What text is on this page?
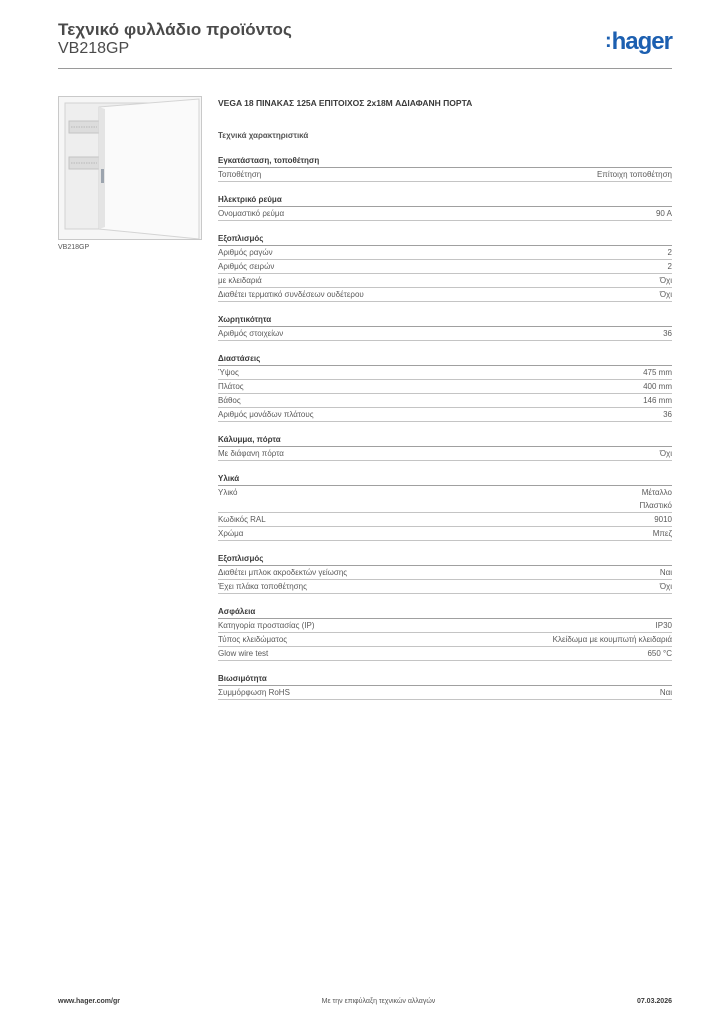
Τεχνικό φυλλάδιο προϊόντος
VB218GP	:hager
VB218GP
VEGA 18 ΠΙΝΑΚΑΣ 125A ΕΠΙΤΟΙΧΟΣ 2x18M ΑΔΙΑΦΑΝΗ ΠΟΡΤΑ
Τεχνικά χαρακτηριστικά
Εγκατάσταση, τοποθέτηση
Τοποθέτηση	Επίτοιχη τοποθέτηση
Ηλεκτρικό ρεύμα
Ονομαστικό ρεύμα	90 A
Εξοπλισμός
Αριθμός ραγών	2
Αριθμός σειρών	2
με κλειδαριά	Όχι
Διαθέτει τερματικό συνδέσεων ουδέτερου	Όχι
Χωρητικότητα
Αριθμός στοιχείων	36
Διαστάσεις
Ύψος	475 mm
Πλάτος	400 mm
Βάθος	146 mm
Αριθμός μονάδων πλάτους	36
Κάλυμμα, πόρτα
Με διάφανη πόρτα	Όχι
Υλικά
Υλικό	Μέταλλο
Πλαστικό
Κωδικός RAL	9010
Χρώμα	Μπεζ
Εξοπλισμός
Διαθέτει μπλοκ ακροδεκτών γείωσης	Ναι
Έχει πλάκα τοποθέτησης	Όχι
Ασφάλεια
Κατηγορία προστασίας (IP)	IP30
Τύπος κλειδώματος	Κλείδωμα με κουμπωτή κλειδαριά
Glow wire test	650 °C
Βιωσιμότητα
Συμμόρφωση RoHS	Ναι
www.hager.com/gr	Με την επιφύλαξη τεχνικών αλλαγών	07.03.2026
